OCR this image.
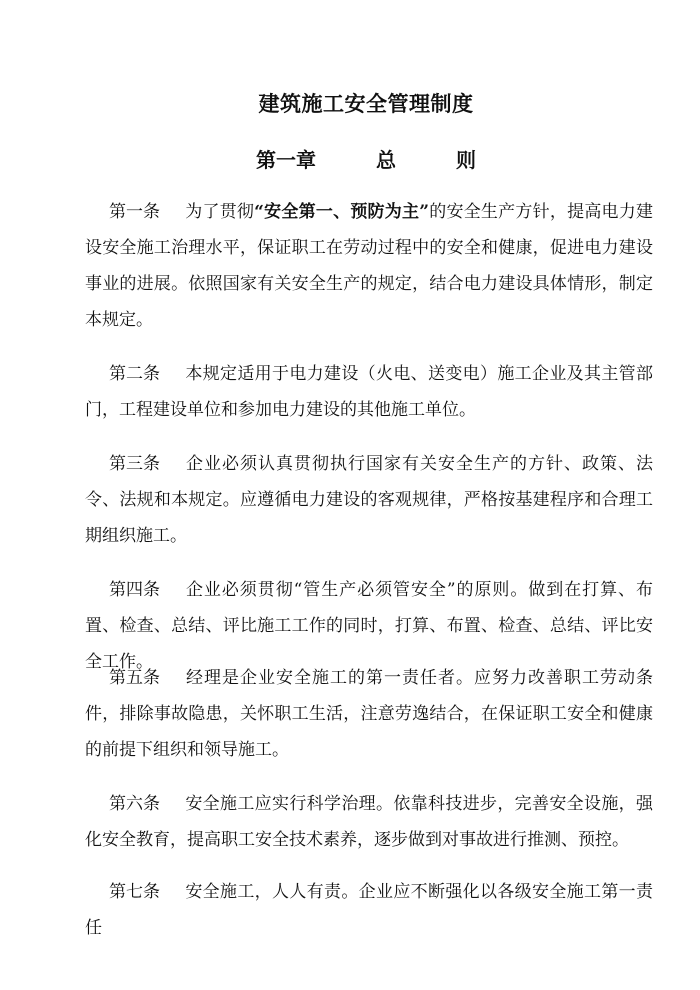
建筑施工安全管理制度
第一章	总	则
第一条 为了贯彻“安全第一、预防为主”的安全生产方针，提高电力建设安全施工治理水平，保证职工在劳动过程中的安全和健康，促进电力建设事业的进展。依照国家有关安全生产的规定，结合电力建设具体情形，制定本规定。
第二条 本规定适用于电力建设（火电、送变电）施工企业及其主管部门，工程建设单位和参加电力建设的其他施工单位。
第三条 企业必须认真贯彻执行国家有关安全生产的方针、政策、法令、法规和本规定。应遵循电力建设的客观规律，严格按基建程序和合理工期组织施工。
第四条 企业必须贯彻“管生产必须管安全”的原则。做到在打算、布置、检查、总结、评比施工工作的同时，打算、布置、检查、总结、评比安全工作。
第五条 经理是企业安全施工的第一责任者。应努力改善职工劳动条件，排除事故隐患，关怀职工生活，注意劳逸结合，在保证职工安全和健康的前提下组织和领导施工。
第六条 安全施工应实行科学治理。依靠科技进步，完善安全设施，强化安全教育，提高职工安全技术素养，逐步做到对事故进行推测、预控。
第七条 安全施工，人人有责。企业应不断强化以各级安全施工第一责任
